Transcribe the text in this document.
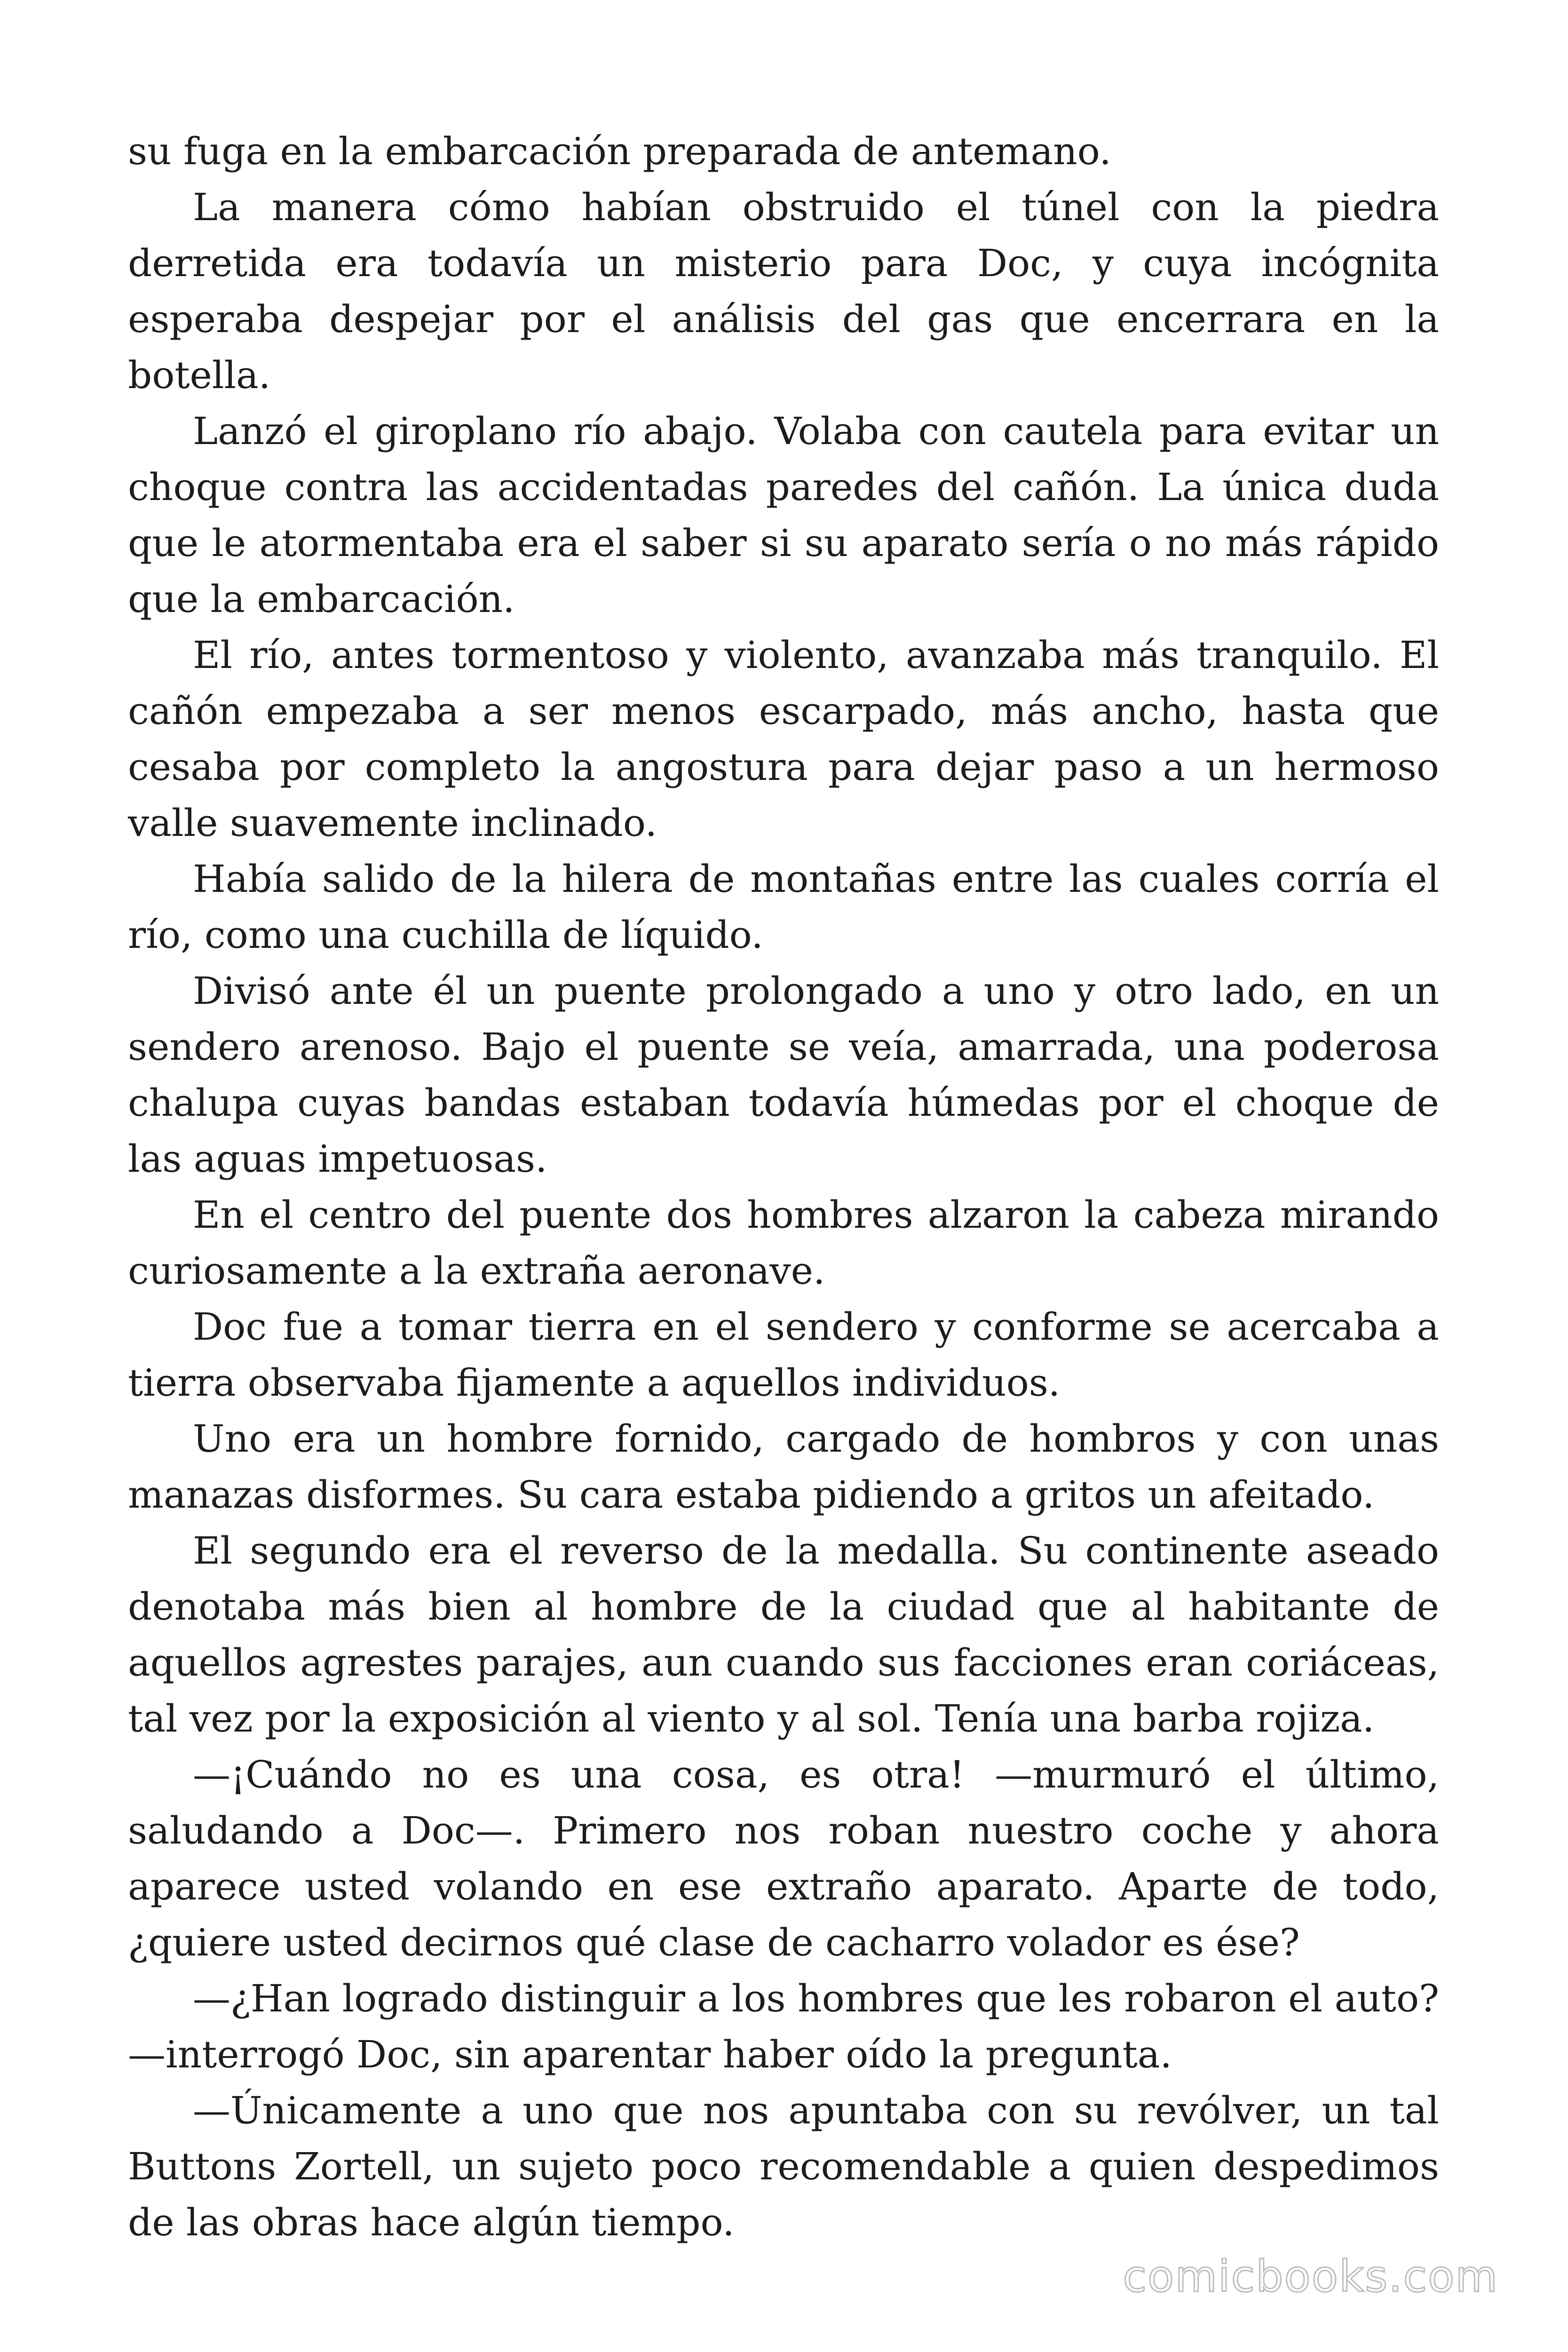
su fuga en la embarcación preparada de antemano.

La manera cómo habían obstruido el túnel con la piedra derretida era todavía un misterio para Doc, y cuya incógnita esperaba despejar por el análisis del gas que encerrara en la botella.

Lanzó el giroplano río abajo. Volaba con cautela para evitar un choque contra las accidentadas paredes del cañón. La única duda que le atormentaba era el saber si su aparato sería o no más rápido que la embarcación.

El río, antes tormentoso y violento, avanzaba más tranquilo. El cañón empezaba a ser menos escarpado, más ancho, hasta que cesaba por completo la angostura para dejar paso a un hermoso valle suavemente inclinado.

Había salido de la hilera de montañas entre las cuales corría el río, como una cuchilla de líquido.

Divisó ante él un puente prolongado a uno y otro lado, en un sendero arenoso. Bajo el puente se veía, amarrada, una poderosa chalupa cuyas bandas estaban todavía húmedas por el choque de las aguas impetuosas.

En el centro del puente dos hombres alzaron la cabeza mirando curiosamente a la extraña aeronave.

Doc fue a tomar tierra en el sendero y conforme se acercaba a tierra observaba fijamente a aquellos individuos.

Uno era un hombre fornido, cargado de hombros y con unas manazas disformes. Su cara estaba pidiendo a gritos un afeitado.

El segundo era el reverso de la medalla. Su continente aseado denotaba más bien al hombre de la ciudad que al habitante de aquellos agrestes parajes, aun cuando sus facciones eran coriáceas, tal vez por la exposición al viento y al sol. Tenía una barba rojiza.

—¡Cuándo no es una cosa, es otra! —murmuró el último, saludando a Doc—. Primero nos roban nuestro coche y ahora aparece usted volando en ese extraño aparato. Aparte de todo, ¿quiere usted decirnos qué clase de cacharro volador es ése?

—¿Han logrado distinguir a los hombres que les robaron el auto? —interrogó Doc, sin aparentar haber oído la pregunta.

—Únicamente a uno que nos apuntaba con su revólver, un tal Buttons Zortell, un sujeto poco recomendable a quien despedimos de las obras hace algún tiempo.

comicbooks.com
